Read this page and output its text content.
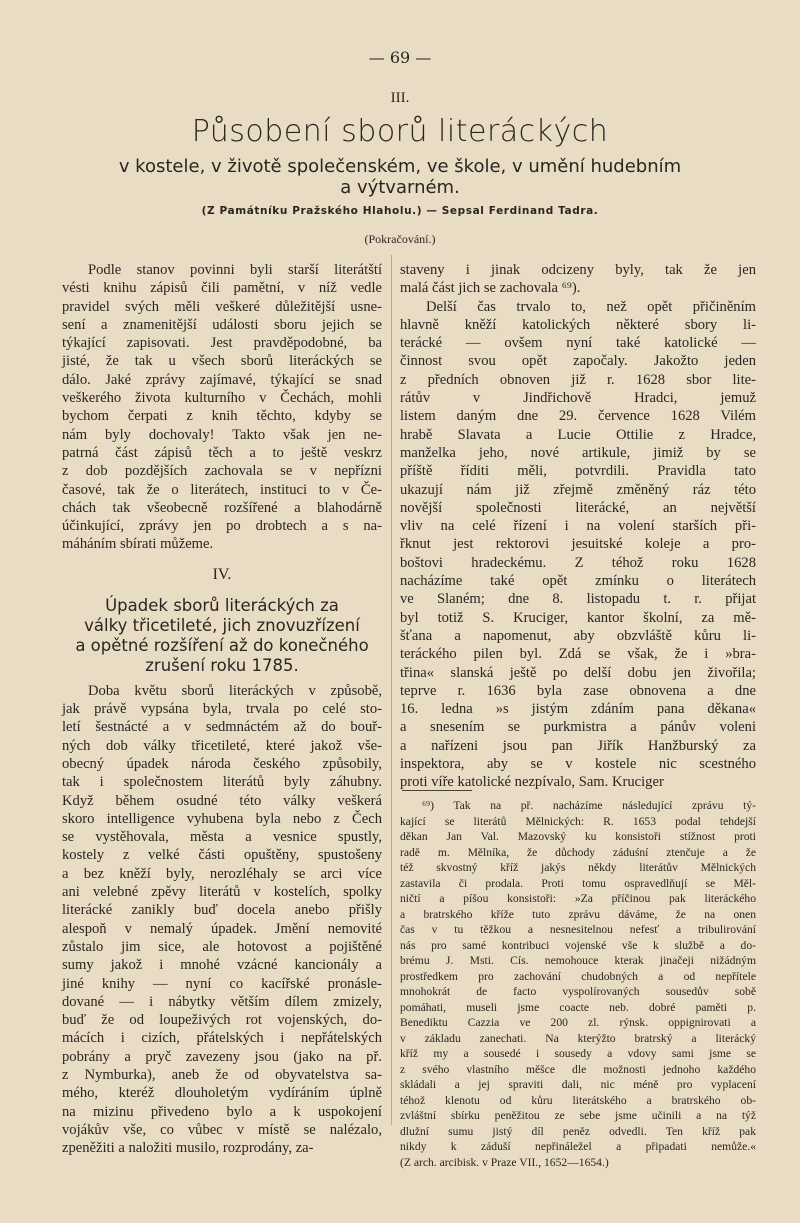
— 69 —
III.
Působení sborů literáckých
v kostele, v životě společenském, ve škole, v umění hudebním
a výtvarném.
(Z Památníku Pražského Hlaholu.) — Sepsal Ferdinand Tadra.
(Pokračování.)
Podle stanov povinni byli starší literátští
vésti knihu zápisů čili pamětní, v níž vedle
pravidel svých měli veškeré důležitější usne-
sení a znamenitější události sboru jejich se
týkající zapisovati. Jest pravděpodobné, ba
jisté, že tak u všech sborů literáckých se
dálo. Jaké zprávy zajímavé, týkající se snad
veškerého života kulturního v Čechách, mohli
bychom čerpati z knih těchto, kdyby se
nám byly dochovaly! Takto však jen ne-
patrná část zápisů těch a to ještě veskrz
z dob pozdějších zachovala se v nepřízni
časové, tak že o literátech, instituci to v Če-
chách tak všeobecně rozšířené a blahodárně
účinkující, zprávy jen po drobtech a s na-
máháním sbírati můžeme.
IV.
Úpadek sborů literáckých za
války třicetileté, jich znovuzřízení
a opětné rozšíření až do konečného
zrušení roku 1785.
Doba květu sborů literáckých v způsobě,
jak právě vypsána byla, trvala po celé sto-
letí šestnácté a v sedmnáctém až do bouř-
ných dob války třicetileté, které jakož vše-
obecný úpadek národa českého způsobily,
tak i společnostem literátů byly záhubny.
Když během osudné této války veškerá
skoro intelligence vyhubena byla nebo z Čech
se vystěhovala, města a vesnice spustly,
kostely z velké části opuštěny, spustošeny
a bez kněží byly, nerozléhaly se arci více
ani velebné zpěvy literátů v kostelích, spolky
literácké zanikly buď docela anebo přišly
alespoň v nemalý úpadek. Jmění nemovité
zůstalo jim sice, ale hotovost a pojištěné
sumy jakož i mnohé vzácné kancionály a
jiné knihy — nyní co kacířské pronásle-
dované — i nábytky větším dílem zmizely,
buď že od loupeživých rot vojenských, do-
mácích i cizích, přátelských i nepřátelských
pobrány a pryč zavezeny jsou (jako na př.
z Nymburka), aneb že od obyvatelstva sa-
mého, kteréž dlouholetým vydíráním úplně
na mizinu přivedeno bylo a k uspokojení
vojákův vše, co vůbec v místě se nalézalo,
zpeněžiti a naložiti musilo, rozprodány, za-
staveny i jinak odcizeny byly, tak že jen
malá část jich se zachovala ⁶⁹).
Delší čas trvalo to, než opět přičiněním
hlavně kněží katolických některé sbory li-
terácké — ovšem nyní také katolické —
činnost svou opět započaly. Jakožto jeden
z předních obnoven již r. 1628 sbor lite-
rátův v Jindřichově Hradci, jemuž
listem daným dne 29. července 1628 Vilém
hrabě Slavata a Lucie Ottilie z Hradce,
manželka jeho, nové artikule, jimiž by se
příště říditi měli, potvrdili. Pravidla tato
ukazují nám již zřejmě změněný ráz této
novější společnosti literácké, an největší
vliv na celé řízení i na volení starších při-
řknut jest rektorovi jesuitské koleje a pro-
boštovi hradeckému. Z téhož roku 1628
nacházíme také opět zmínku o literátech
ve Slaném; dne 8. listopadu t. r. přijat
byl totiž S. Kruciger, kantor školní, za mě-
šťana a napomenut, aby obzvláště kůru li-
teráckého pilen byl. Zdá se však, že i »bra-
třina« slanská ještě po delší dobu jen živořila;
teprve r. 1636 byla zase obnovena a dne
16. ledna »s jistým zdáním pana děkana«
a snesením se purkmistra a pánův voleni
a nařízeni jsou pan Jiřík Hanžburský za
inspektora, aby se v kostele nic scestného
proti víře katolické nezpívalo, Sam. Kruciger
⁶⁹) Tak na př. nacházíme následující zprávu tý-
kající se literátů Mělnických: R. 1653 podal tehdejší
děkan Jan Val. Mazovský ku konsistoři stížnost proti
radě m. Mělníka, že důchody záduśní ztenčuje a že
též skvostný kříž jakýs někdy literátův Mělnických
zastavila či prodala. Proti tomu ospravedlňují se Měl-
ničtí a píšou konsistoři: »Za příčinou pak literáckého
a bratrského kříže tuto zprávu dáváme, že na onen
čas v tu těžkou a nesnesitelnou nefesť a tribulirování
nás pro samé kontribuci vojenské vše k službě a do-
brému J. Msti. Cís. nemohouce kterak jinačeji nižádným
prostředkem pro zachování chudobných a od nepřítele
mnohokrát de facto vyspolírovaných sousedův sobě
pomáhati, museli jsme coacte neb. dobré paměti p.
Benediktu Cazzia ve 200 zl. rýnsk. oppignirovati a
v základu zanechati. Na kterýžto bratrský a literácký
kříž my a sousedé i sousedy a vdovy sami jsme se
z svého vlastního měšce dle možnosti jednoho každého
skládali a jej spraviti dali, nic méně pro vyplacení
téhož klenotu od kůru literátského a bratrského ob-
zvláštní sbírku peněžitou ze sebe jsme učinili a na týž
dlužní sumu jistý díl peněz odvedli. Ten kříž pak
nikdy k záduší nepřináležel a připadati nemůže.«
(Z arch. arcibisk. v Praze VII., 1652—1654.)
